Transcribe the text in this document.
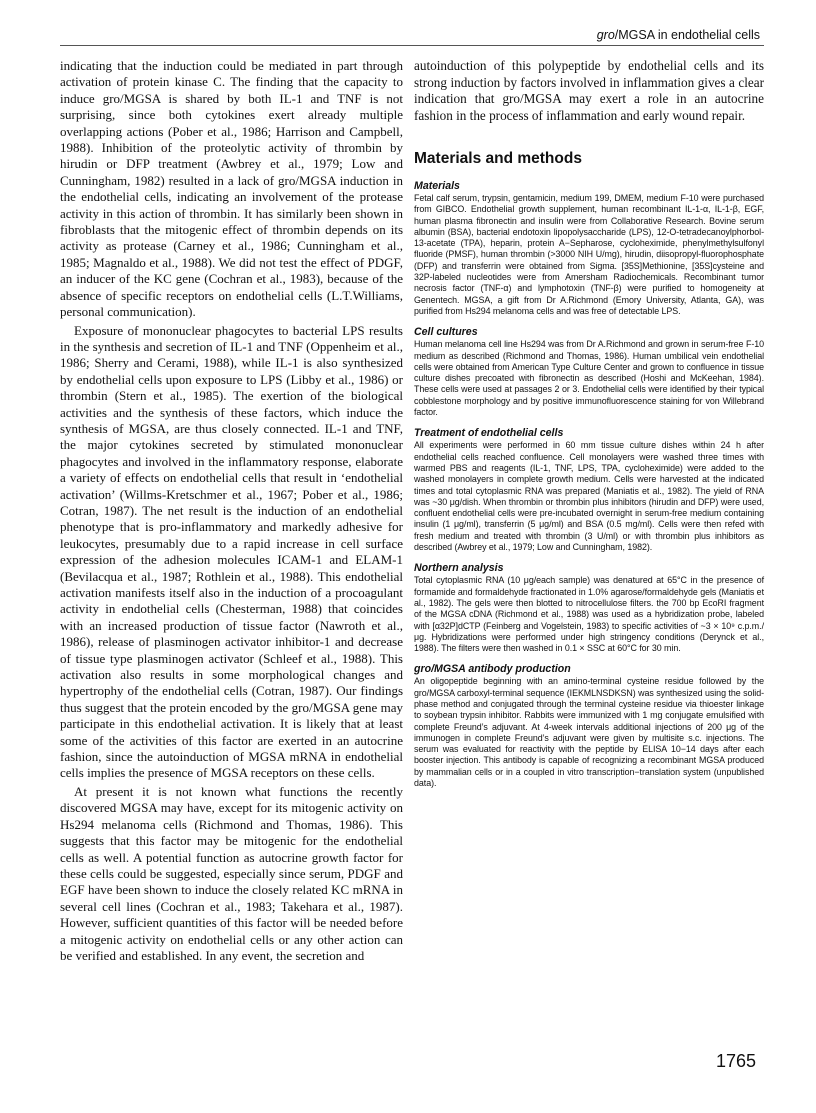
gro/MGSA in endothelial cells

indicating that the induction could be mediated in part through activation of protein kinase C. The finding that the capacity to induce gro/MGSA is shared by both IL-1 and TNF is not surprising, since both cytokines exert already multiple overlapping actions (Pober et al., 1986; Harrison and Campbell, 1988). Inhibition of the proteolytic activity of thrombin by hirudin or DFP treatment (Awbrey et al., 1979; Low and Cunningham, 1982) resulted in a lack of gro/MGSA induction in the endothelial cells, indicating an involvement of the protease activity in this action of thrombin. It has similarly been shown in fibroblasts that the mitogenic effect of thrombin depends on its activity as protease (Carney et al., 1986; Cunningham et al., 1985; Magnaldo et al., 1988). We did not test the effect of PDGF, an inducer of the KC gene (Cochran et al., 1983), because of the absence of specific receptors on endothelial cells (L.T.Williams, personal communication).

Exposure of mononuclear phagocytes to bacterial LPS results in the synthesis and secretion of IL-1 and TNF (Oppenheim et al., 1986; Sherry and Cerami, 1988), while IL-1 is also synthesized by endothelial cells upon exposure to LPS (Libby et al., 1986) or thrombin (Stern et al., 1985). The exertion of the biological activities and the synthesis of these factors, which induce the synthesis of MGSA, are thus closely connected. IL-1 and TNF, the major cytokines secreted by stimulated mononuclear phagocytes and involved in the inflammatory response, elaborate a variety of effects on endothelial cells that result in ‘endothelial activation’ (Willms-Kretschmer et al., 1967; Pober et al., 1986; Cotran, 1987). The net result is the induction of an endothelial phenotype that is pro-inflammatory and markedly adhesive for leukocytes, presumably due to a rapid increase in cell surface expression of the adhesion molecules ICAM-1 and ELAM-1 (Bevilacqua et al., 1987; Rothlein et al., 1988). This endothelial activation manifests itself also in the induction of a procoagulant activity in endothelial cells (Chesterman, 1988) that coincides with an increased production of tissue factor (Nawroth et al., 1986), release of plasminogen activator inhibitor-1 and decrease of tissue type plasminogen activator (Schleef et al., 1988). This activation also results in some morphological changes and hypertrophy of the endothelial cells (Cotran, 1987). Our findings thus suggest that the protein encoded by the gro/MGSA gene may participate in this endothelial activation. It is likely that at least some of the activities of this factor are exerted in an autocrine fashion, since the autoinduction of MGSA mRNA in endothelial cells implies the presence of MGSA receptors on these cells.

At present it is not known what functions the recently discovered MGSA may have, except for its mitogenic activity on Hs294 melanoma cells (Richmond and Thomas, 1986). This suggests that this factor may be mitogenic for the endothelial cells as well. A potential function as autocrine growth factor for these cells could be suggested, especially since serum, PDGF and EGF have been shown to induce the closely related KC mRNA in several cell lines (Cochran et al., 1983; Takehara et al., 1987). However, sufficient quantities of this factor will be needed before a mitogenic activity on endothelial cells or any other action can be verified and established. In any event, the secretion and

autoinduction of this polypeptide by endothelial cells and its strong induction by factors involved in inflammation gives a clear indication that gro/MGSA may exert a role in an autocrine fashion in the process of inflammation and early wound repair.

Materials and methods
Materials

Fetal calf serum, trypsin, gentamicin, medium 199, DMEM, medium F-10 were purchased from GIBCO. Endothelial growth supplement, human recombinant IL-1-α, IL-1-β, EGF, human plasma fibronectin and insulin were from Collaborative Research. Bovine serum albumin (BSA), bacterial endotoxin lipopolysaccharide (LPS), 12-O-tetradecanoylphorbol-13-acetate (TPA), heparin, protein A−Sepharose, cycloheximide, phenylmethylsulfonyl fluoride (PMSF), human thrombin (>3000 NIH U/mg), hirudin, diisopropyl-fluorophosphate (DFP) and transferrin were obtained from Sigma. [35S]Methionine, [35S]cysteine and 32P-labeled nucleotides were from Amersham Radiochemicals. Recombinant tumor necrosis factor (TNF-α) and lymphotoxin (TNF-β) were purified to homogeneity at Genentech. MGSA, a gift from Dr A.Richmond (Emory University, Atlanta, GA), was purified from Hs294 melanoma cells and was free of detectable LPS.

Cell cultures

Human melanoma cell line Hs294 was from Dr A.Richmond and grown in serum-free F-10 medium as described (Richmond and Thomas, 1986). Human umbilical vein endothelial cells were obtained from American Type Culture Center and grown to confluence in tissue culture dishes precoated with fibronectin as described (Hoshi and McKeehan, 1984). These cells were used at passages 2 or 3. Endothelial cells were identified by their typical cobblestone morphology and by positive immunofluorescence staining for von Willebrand factor.

Treatment of endothelial cells

All experiments were performed in 60 mm tissue culture dishes within 24 h after endothelial cells reached confluence. Cell monolayers were washed three times with warmed PBS and reagents (IL-1, TNF, LPS, TPA, cycloheximide) were added to the washed monolayers in complete growth medium. Cells were harvested at the indicated times and total cytoplasmic RNA was prepared (Maniatis et al., 1982). The yield of RNA was ~30 μg/dish. When thrombin or thrombin plus inhibitors (hirudin and DFP) were used, confluent endothelial cells were pre-incubated overnight in serum-free medium containing insulin (1 μg/ml), transferrin (5 μg/ml) and BSA (0.5 mg/ml). Cells were then refed with fresh medium and treated with thrombin (3 U/ml) or with thrombin plus inhibitors as described (Awbrey et al., 1979; Low and Cunningham, 1982).

Northern analysis

Total cytoplasmic RNA (10 μg/each sample) was denatured at 65°C in the presence of formamide and formaldehyde fractionated in 1.0% agarose/formaldehyde gels (Maniatis et al., 1982). The gels were then blotted to nitrocellulose filters. the 700 bp EcoRI fragment of the MGSA cDNA (Richmond et al., 1988) was used as a hybridization probe, labeled with [α32P]dCTP (Feinberg and Vogelstein, 1983) to specific activities of ~3 × 10⁹ c.p.m./μg. Hybridizations were performed under high stringency conditions (Derynck et al., 1988). The filters were then washed in 0.1 × SSC at 60°C for 30 min.

gro/MGSA antibody production

An oligopeptide beginning with an amino-terminal cysteine residue followed by the gro/MGSA carboxyl-terminal sequence (IEKMLNSDKSN) was synthesized using the solid-phase method and conjugated through the terminal cysteine residue via thioester linkage to soybean trypsin inhibitor. Rabbits were immunized with 1 mg conjugate emulsified with complete Freund’s adjuvant. At 4-week intervals additional injections of 200 μg of the immunogen in complete Freund’s adjuvant were given by multisite s.c. injections. The serum was evaluated for reactivity with the peptide by ELISA 10−14 days after each booster injection. This antibody is capable of recognizing a recombinant MGSA produced by mammalian cells or in a coupled in vitro transcription−translation system (unpublished data).

1765
